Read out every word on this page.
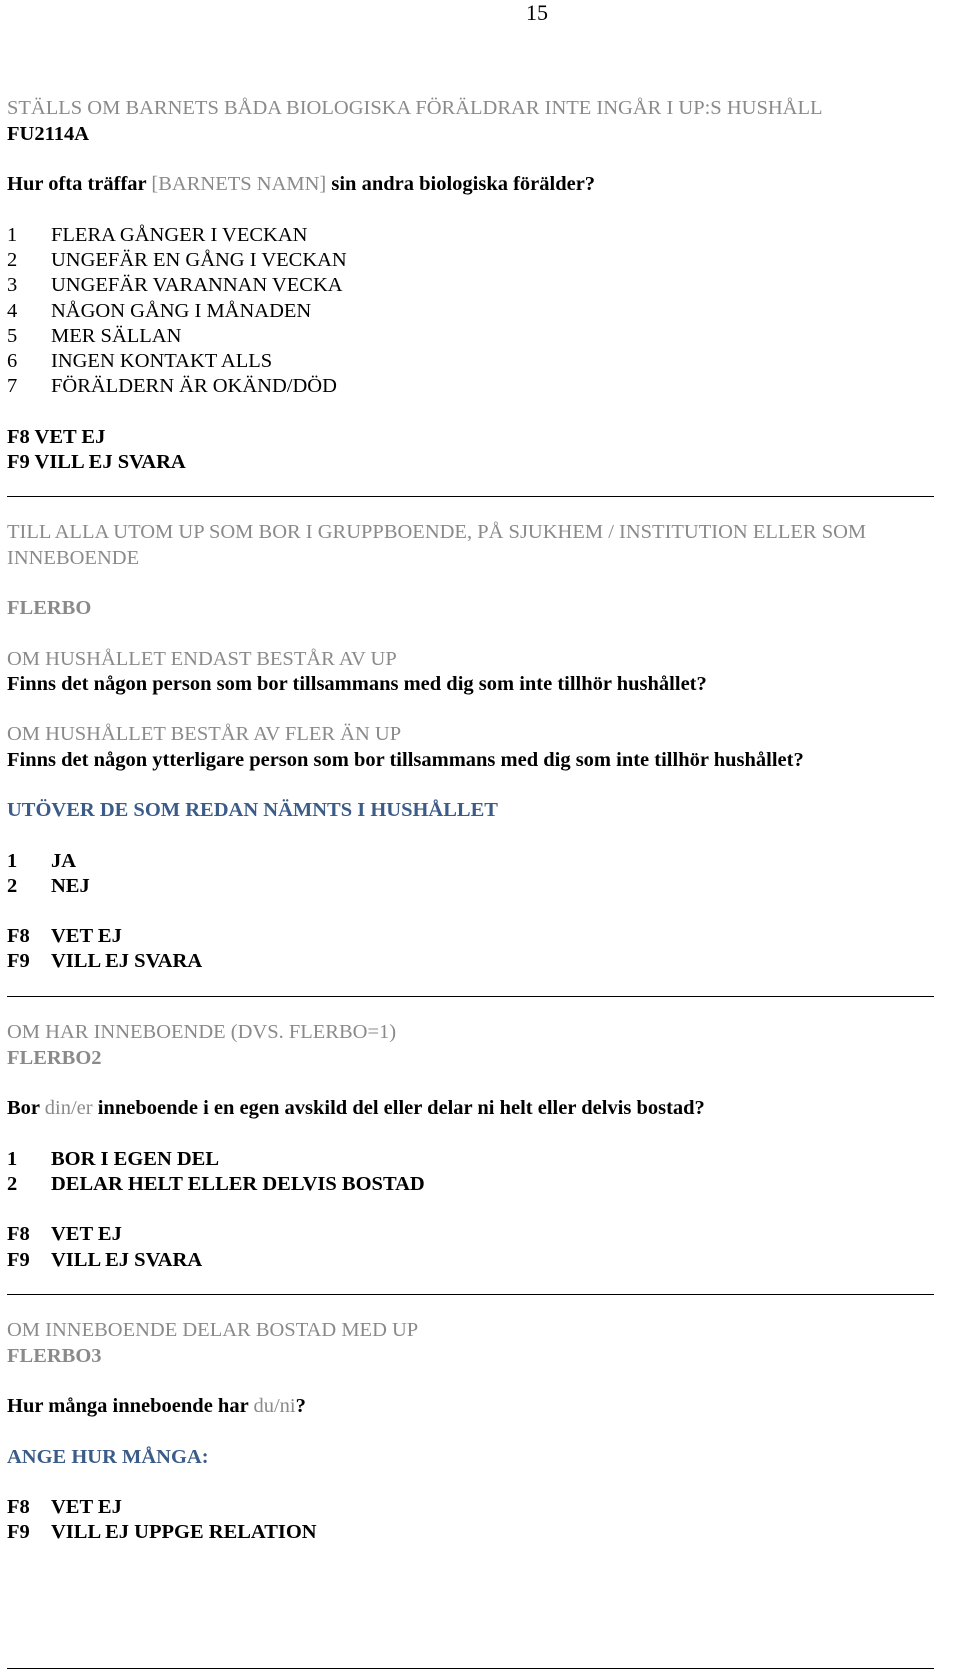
15
STÄLLS OM BARNETS BÅDA BIOLOGISKA FÖRÄLDRAR INTE INGÅR I UP:S HUSHÅLL
FU2114A
Hur ofta träffar [BARNETS NAMN] sin andra biologiska förälder?
1 FLERA GÅNGER I VECKAN
2 UNGEFÄR EN GÅNG I VECKAN
3 UNGEFÄR VARANNAN VECKA
4 NÅGON GÅNG I MÅNADEN
5 MER SÄLLAN
6 INGEN KONTAKT ALLS
7 FÖRÄLDERN ÄR OKÄND/DÖD
F8 VET EJ
F9 VILL EJ SVARA
TILL ALLA UTOM UP SOM BOR I GRUPPBOENDE, PÅ SJUKHEM / INSTITUTION ELLER SOM
INNEBOENDE
FLERBO
OM HUSHÅLLET ENDAST BESTÅR AV UP
Finns det någon person som bor tillsammans med dig som inte tillhör hushållet?
OM HUSHÅLLET BESTÅR AV FLER ÄN UP
Finns det någon ytterligare person som bor tillsammans med dig som inte tillhör hushållet?
UTÖVER DE SOM REDAN NÄMNTS I HUSHÅLLET
1 JA
2 NEJ
F8 VET EJ
F9 VILL EJ SVARA
OM HAR INNEBOENDE (DVS. FLERBO=1)
FLERBO2
Bor din/er inneboende i en egen avskild del eller delar ni helt eller delvis bostad?
1 BOR I EGEN DEL
2 DELAR HELT ELLER DELVIS BOSTAD
F8 VET EJ
F9 VILL EJ SVARA
OM INNEBOENDE DELAR BOSTAD MED UP
FLERBO3
Hur många inneboende har du/ni?
ANGE HUR MÅNGA:
F8 VET EJ
F9 VILL EJ UPPGE RELATION
